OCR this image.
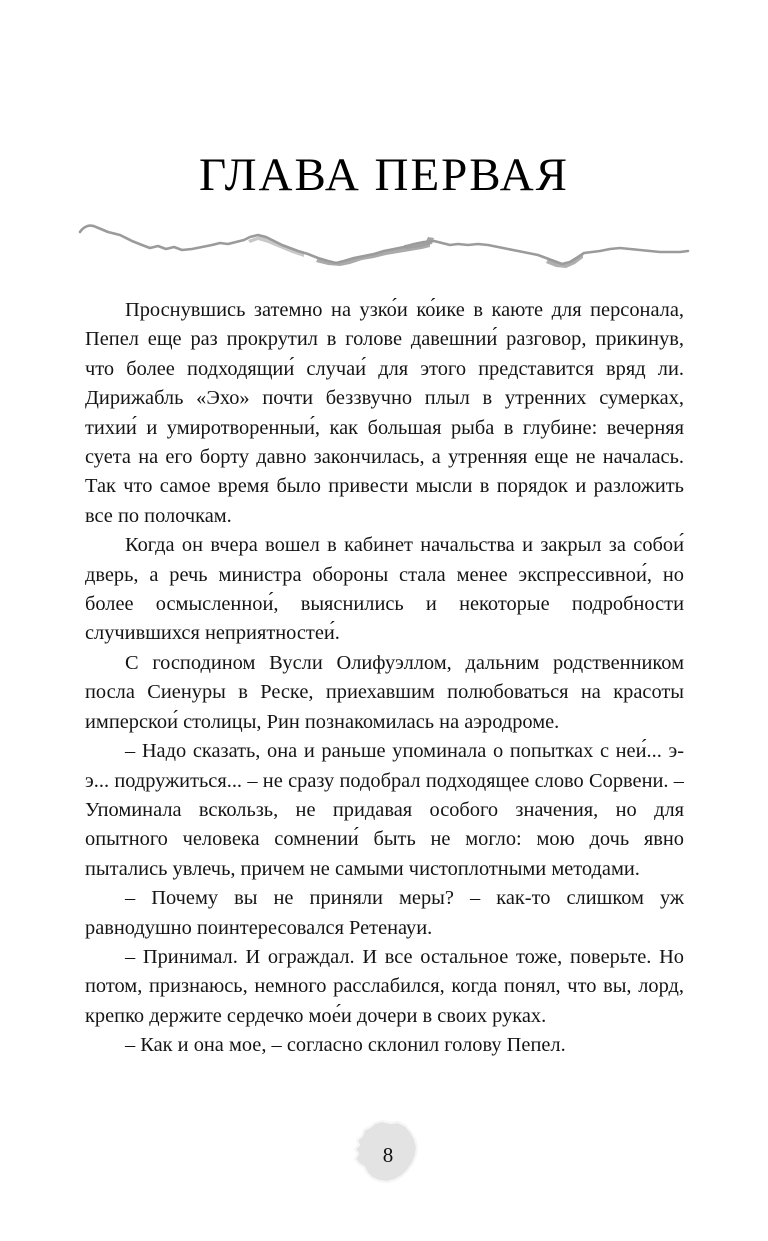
ГЛАВА ПЕРВАЯ

Проснувшись затемно на узко́и ко́ике в каюте для персонала, Пепел еще раз прокрутил в голове давешнии́ разговор, прикинув, что более подходящии́ случаи́ для этого представится вряд ли. Дирижабль «Эхо» почти беззвучно плыл в утренних сумерках, тихии́ и умиротворенныи́, как большая рыба в глубине: вечерняя суета на его борту давно закончилась, а утренняя еще не началась. Так что самое время было привести мысли в порядок и разложить все по полочкам.

Когда он вчера вошел в кабинет начальства и закрыл за собои́ дверь, а речь министра обороны стала менее экспрессивнои́, но более осмысленнои́, выяснились и некоторые подробности случившихся неприятностеи́.

С господином Вусли Олифуэллом, дальним родственником посла Сиенуры в Реске, приехавшим полюбоваться на красоты имперскои́ столицы, Рин познакомилась на аэродроме.

– Надо сказать, она и раньше упоминала о попытках с неи́... э-э... подружиться... – не сразу подобрал подходящее слово Сорвени. – Упоминала вскользь, не придавая особого значения, но для опытного человека сомнении́ быть не могло: мою дочь явно пытались увлечь, причем не самыми чистоплотными методами.

– Почему вы не приняли меры? – как-то слишком уж равнодушно поинтересовался Ретенауи.

– Принимал. И ограждал. И все остальное тоже, поверьте. Но потом, признаюсь, немного расслабился, когда понял, что вы, лорд, крепко держите сердечко мое́и дочери в своих руках.

– Как и она мое, – согласно склонил голову Пепел.

8
